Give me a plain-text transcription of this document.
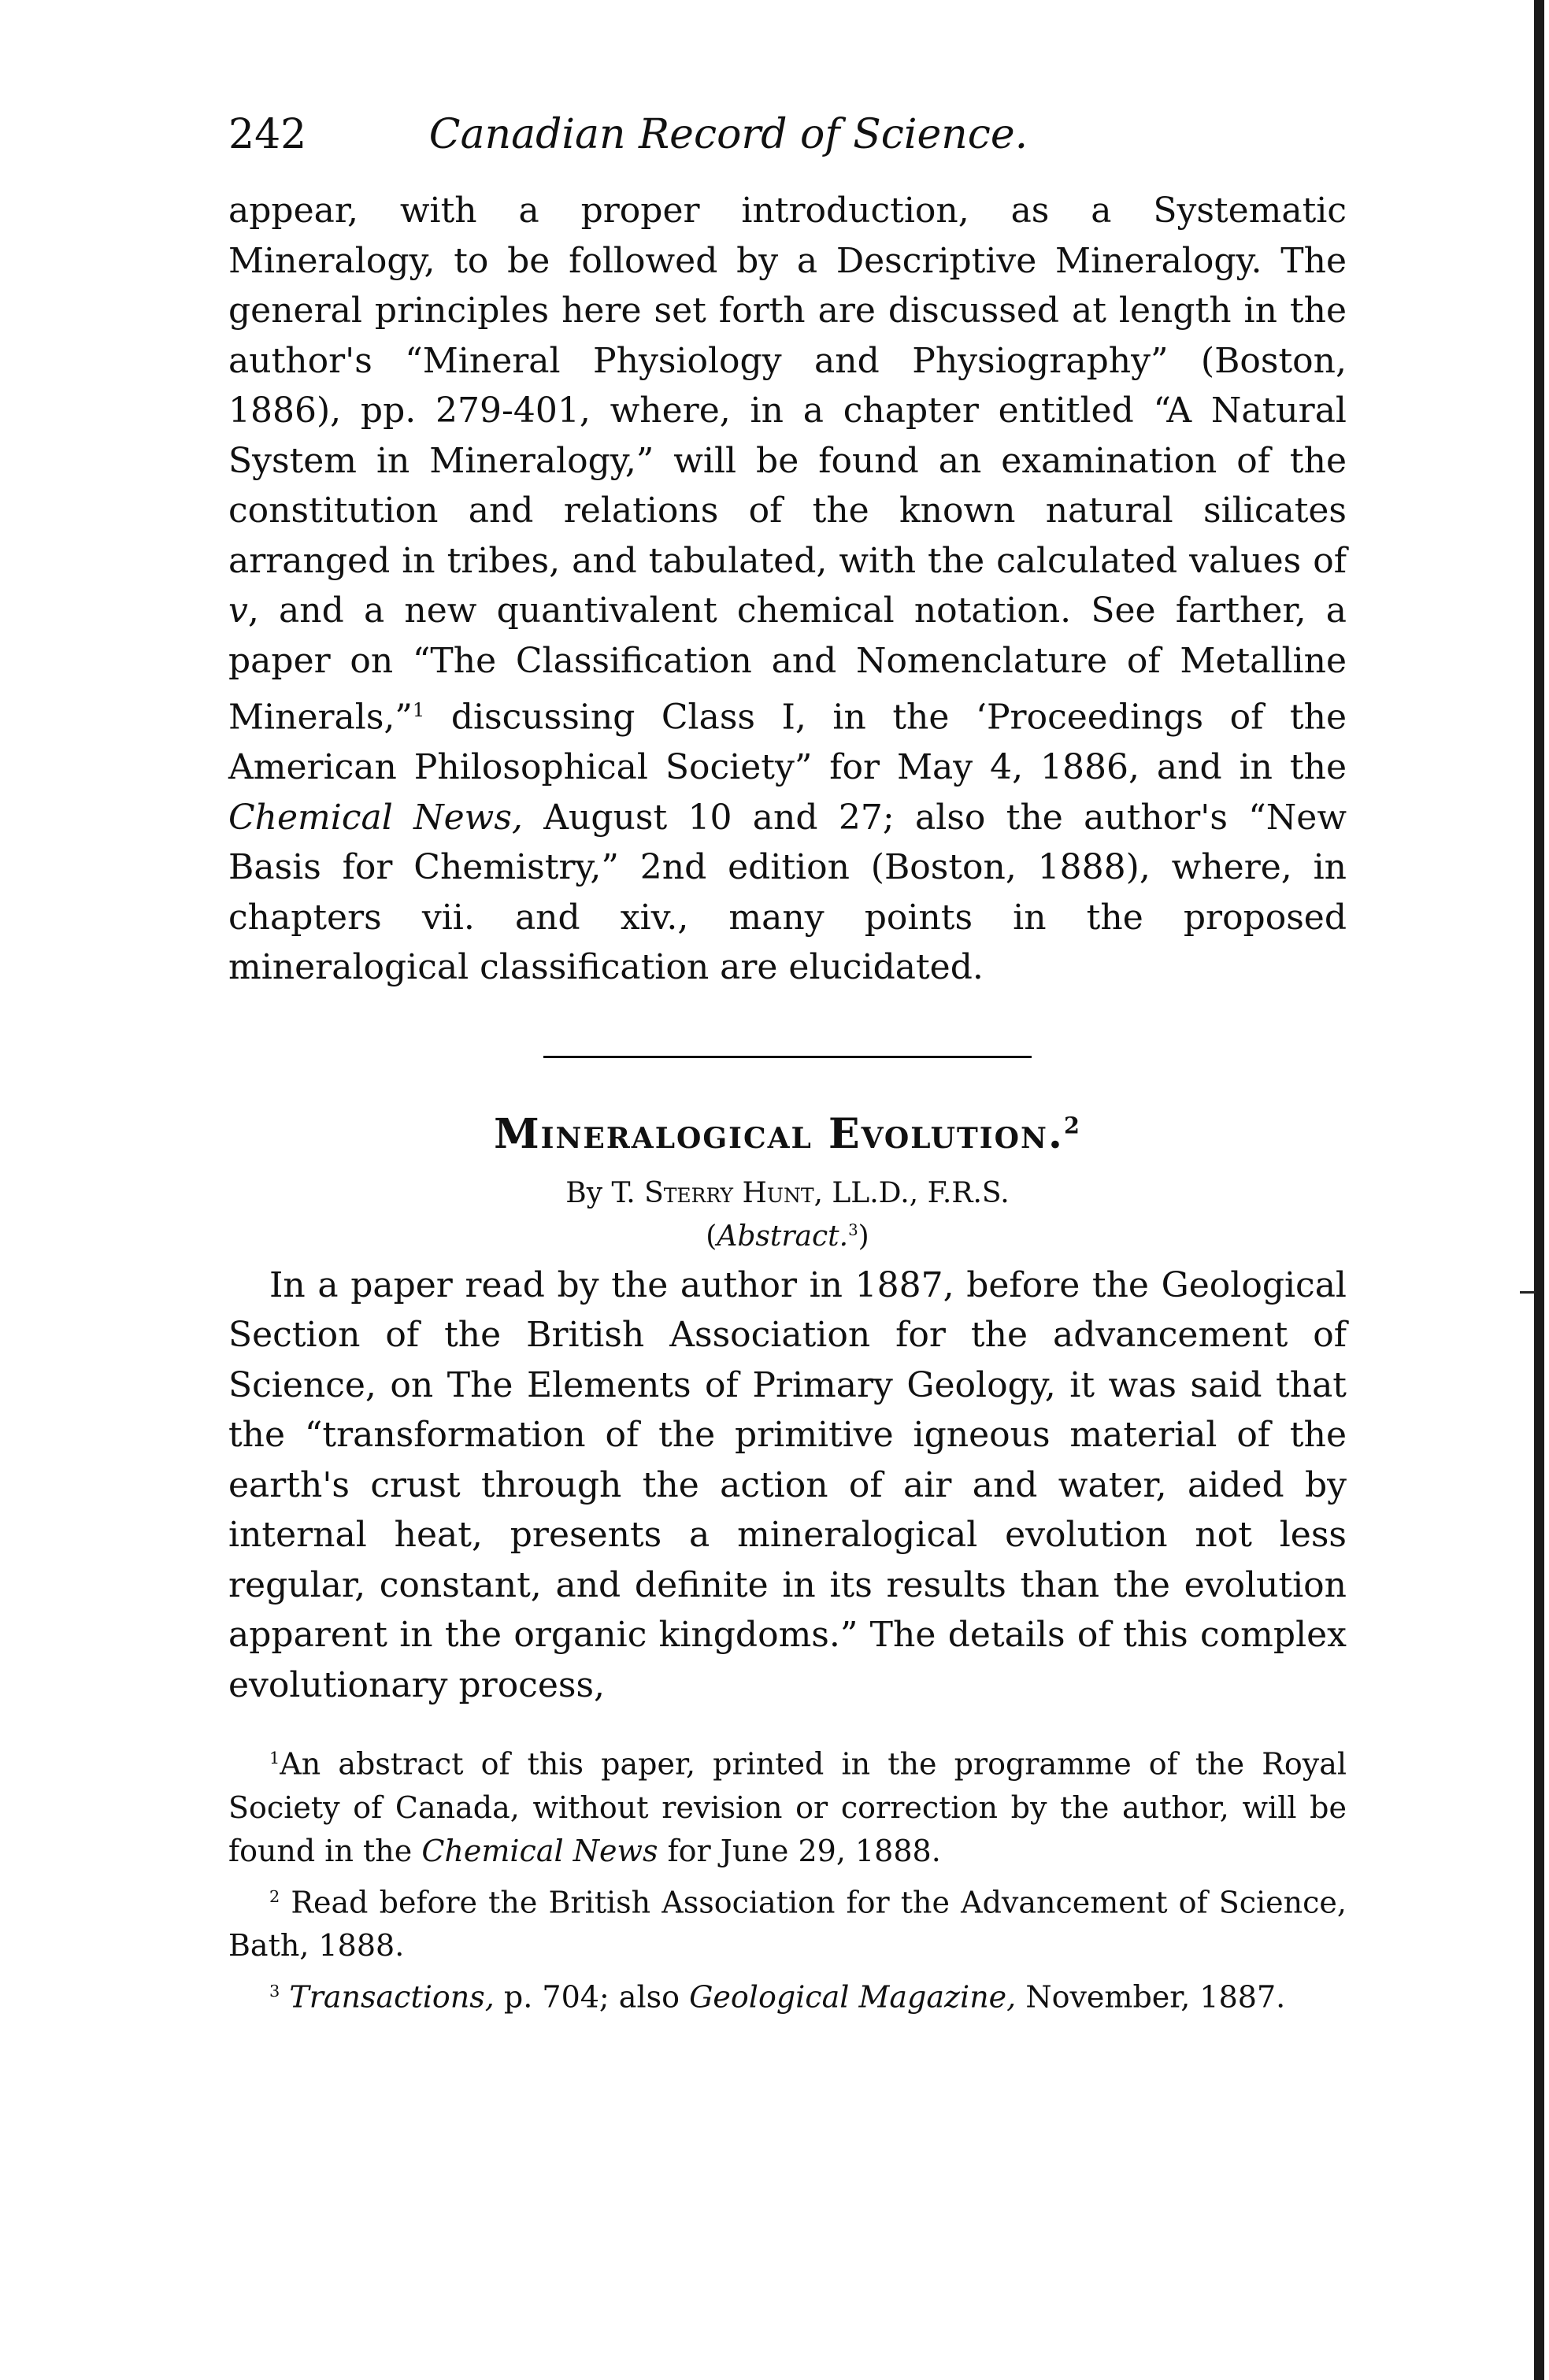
242	Canadian Record of Science.

appear, with a proper introduction, as a Systematic Mineralogy, to be followed by a Descriptive Mineralogy. The general principles here set forth are discussed at length in the author's “Mineral Physiology and Physiography” (Boston, 1886), pp. 279-401, where, in a chapter entitled “A Natural System in Mineralogy,” will be found an examination of the constitution and relations of the known natural silicates arranged in tribes, and tabulated, with the calculated values of v, and a new quantivalent chemical notation. See farther, a paper on “The Classification and Nomenclature of Metalline Minerals,”$^1$ discussing Class I, in the ‘Proceedings of the American Philosophical Society” for May 4, 1886, and in the Chemical News, August 10 and 27; also the author's “New Basis for Chemistry,” 2nd edition (Boston, 1888), where, in chapters vii. and xiv., many points in the proposed mineralogical classification are elucidated.

Mineralogical Evolution.$^2$

By T. Sterry Hunt, LL.D., F.R.S.

(Abstract.$^3$)

In a paper read by the author in 1887, before the Geological Section of the British Association for the advancement of Science, on The Elements of Primary Geology, it was said that the “transformation of the primitive igneous material of the earth's crust through the action of air and water, aided by internal heat, presents a mineralogical evolution not less regular, constant, and definite in its results than the evolution apparent in the organic kingdoms.” The details of this complex evolutionary process,

$^1$An abstract of this paper, printed in the programme of the Royal Society of Canada, without revision or correction by the author, will be found in the Chemical News for June 29, 1888.

$^2$ Read before the British Association for the Advancement of Science, Bath, 1888.

$^3$ Transactions, p. 704; also Geological Magazine, November, 1887.
